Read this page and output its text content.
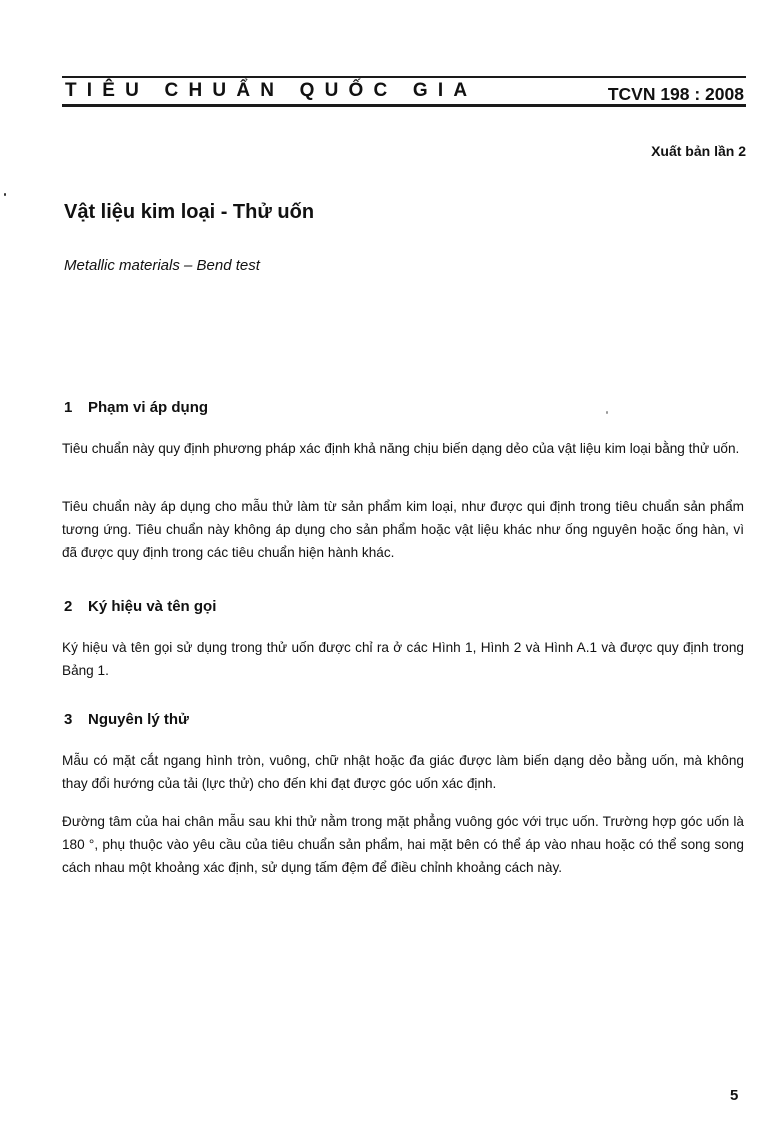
TIÊU CHUẨN QUỐC GIA	TCVN 198 : 2008
Xuất bản lần 2
Vật liệu kim loại - Thử uốn
Metallic materials – Bend test
1 Phạm vi áp dụng

Tiêu chuẩn này quy định phương pháp xác định khả năng chịu biến dạng dẻo của vật liệu kim loại bằng thử uốn.

Tiêu chuẩn này áp dụng cho mẫu thử làm từ sản phẩm kim loại, như được qui định trong tiêu chuẩn sản phẩm tương ứng. Tiêu chuẩn này không áp dụng cho sản phẩm hoặc vật liệu khác như ống nguyên hoặc ống hàn, vì đã được quy định trong các tiêu chuẩn hiện hành khác.

2 Ký hiệu và tên gọi

Ký hiệu và tên gọi sử dụng trong thử uốn được chỉ ra ở các Hình 1, Hình 2 và Hình A.1 và được quy định trong Bảng 1.

3 Nguyên lý thử

Mẫu có mặt cắt ngang hình tròn, vuông, chữ nhật hoặc đa giác được làm biến dạng dẻo bằng uốn, mà không thay đổi hướng của tải (lực thử) cho đến khi đạt được góc uốn xác định.

Đường tâm của hai chân mẫu sau khi thử nằm trong mặt phẳng vuông góc với trục uốn. Trường hợp góc uốn là 180 °, phụ thuộc vào yêu cầu của tiêu chuẩn sản phẩm, hai mặt bên có thể áp vào nhau hoặc có thể song song cách nhau một khoảng xác định, sử dụng tấm đệm để điều chỉnh khoảng cách này.

5
